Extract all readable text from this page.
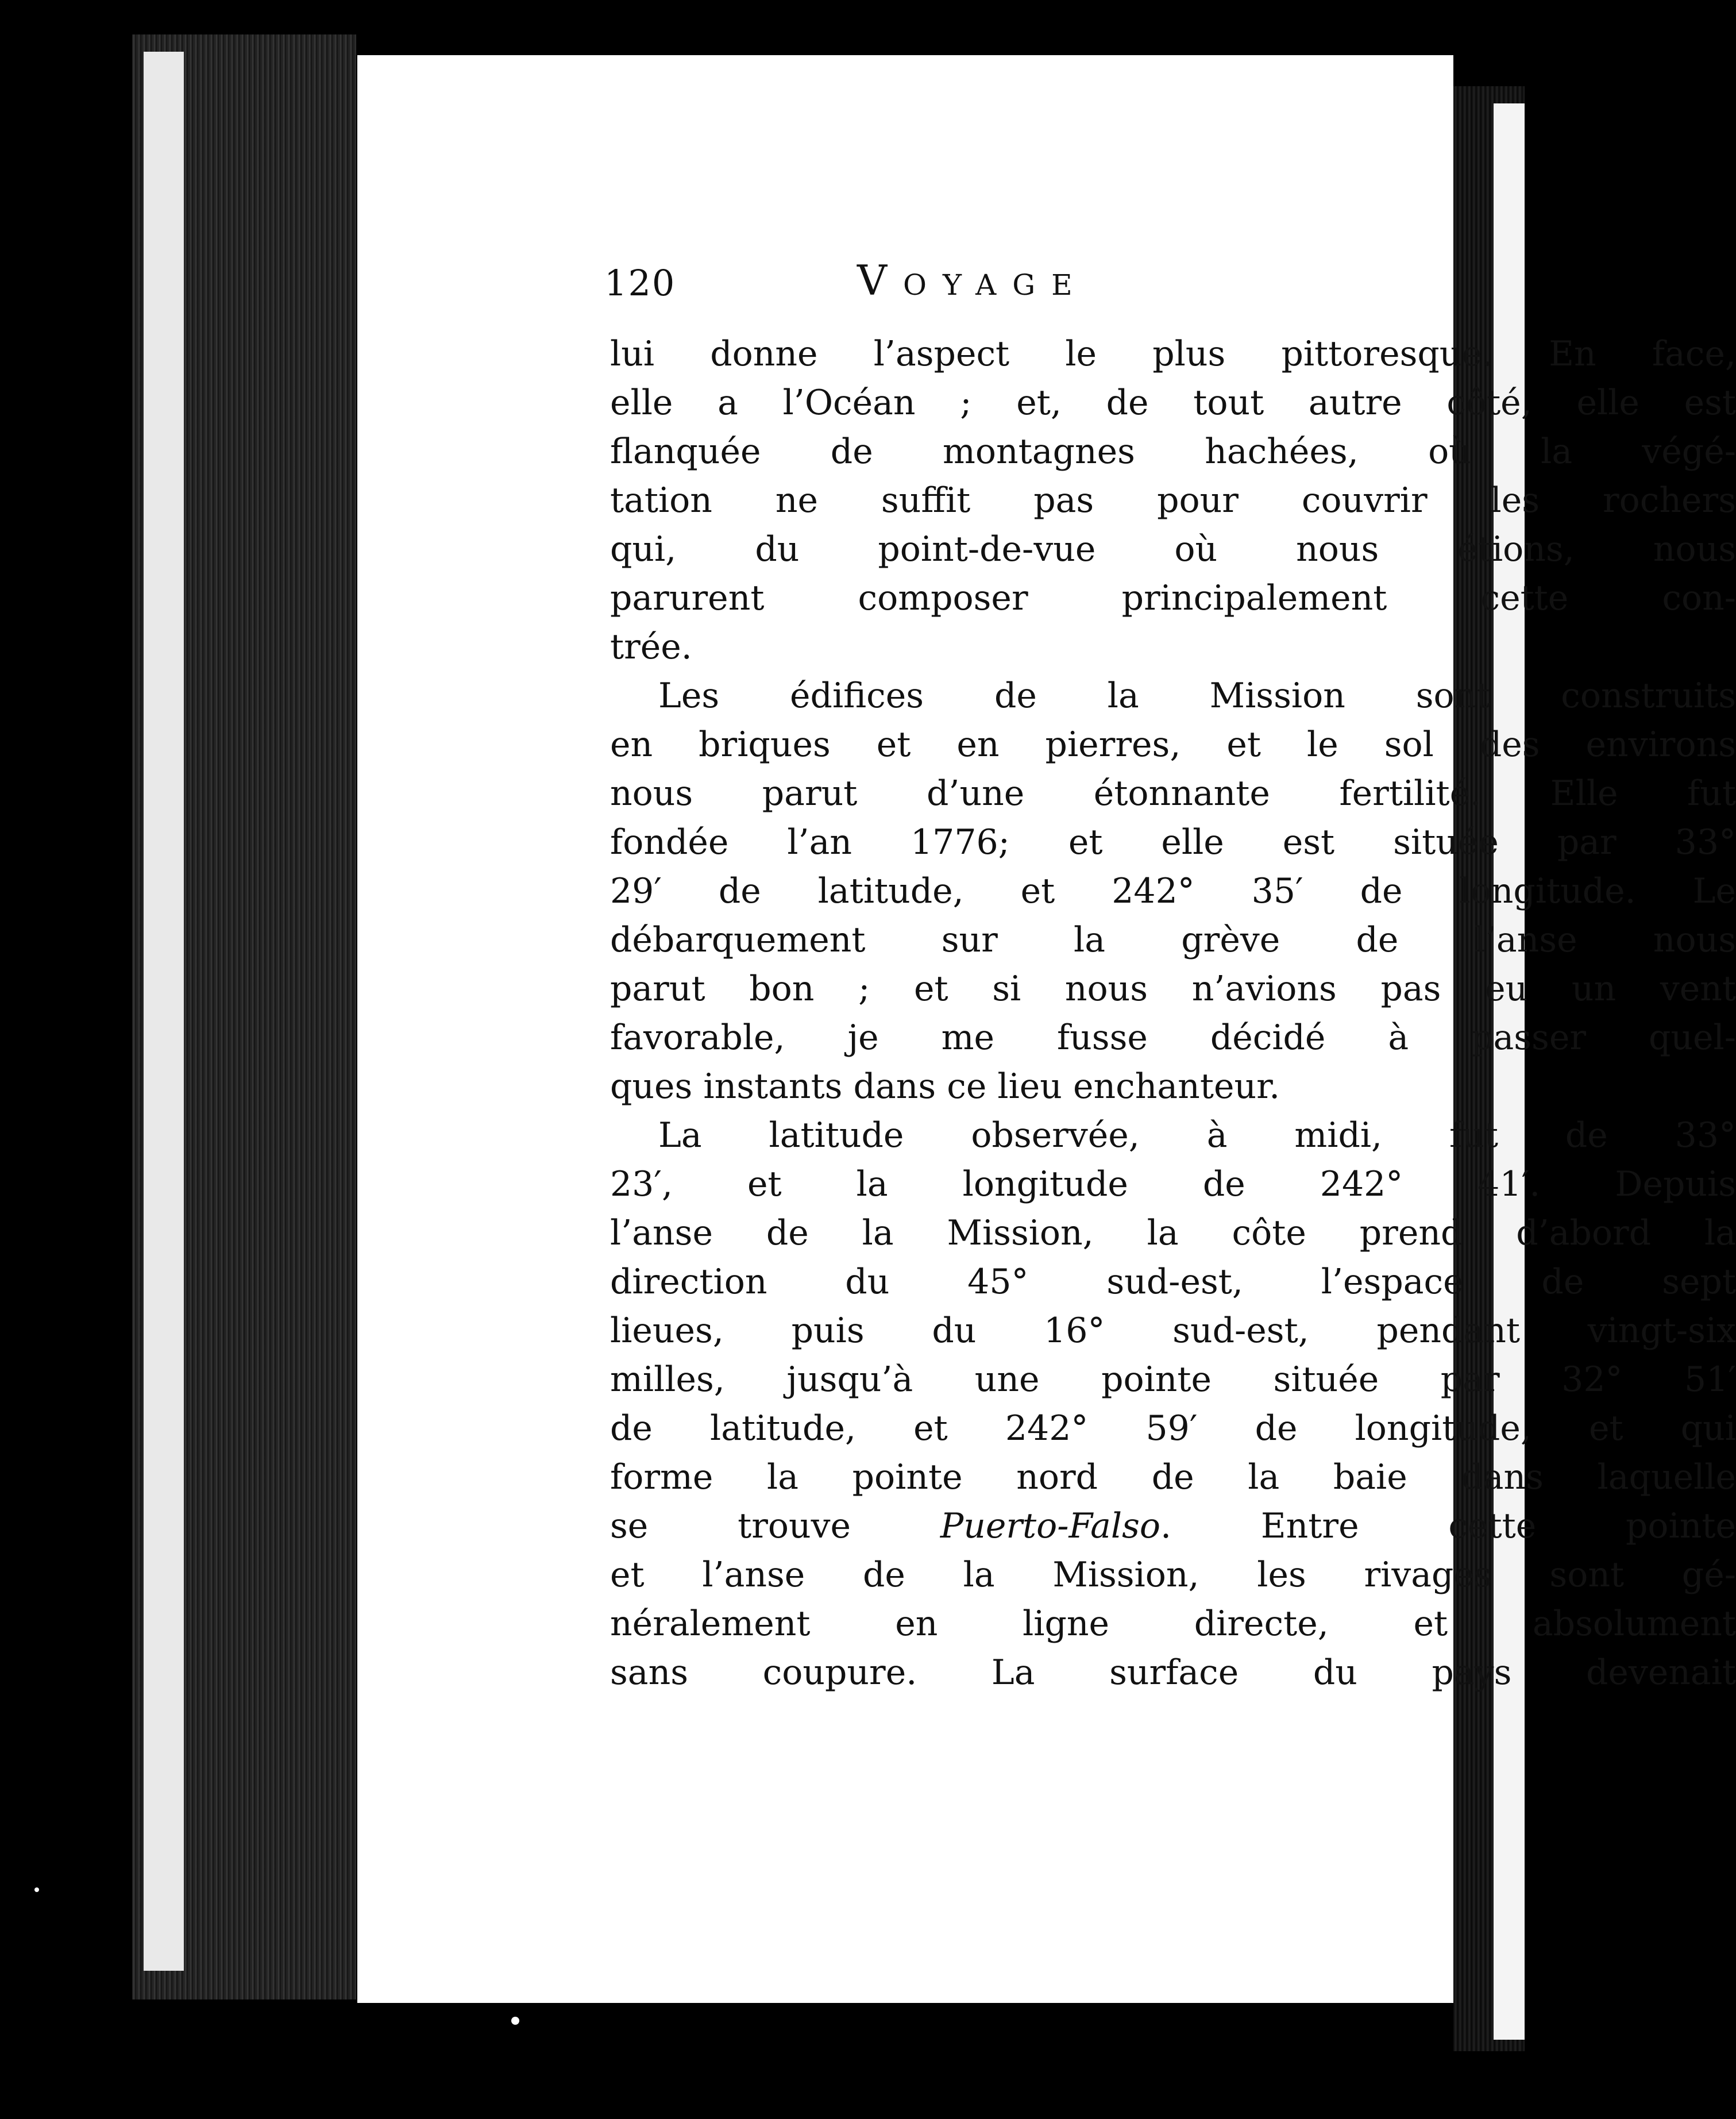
120	Voyage
lui donne l’aspect le plus pittoresque. En face,
elle a l’Océan ; et, de tout autre côté, elle est
flanquée de montagnes hachées, où la végé-
tation ne suffit pas pour couvrir les rochers
qui, du point-de-vue où nous étions, nous
parurent composer principalement cette con-
trée.
Les édifices de la Mission sont construits
en briques et en pierres, et le sol des environs
nous parut d’une étonnante fertilité. Elle fut
fondée l’an 1776; et elle est située par 33°
29′ de latitude, et 242° 35′ de longitude. Le
débarquement sur la grève de l’anse nous
parut bon ; et si nous n’avions pas eu un vent
favorable, je me fusse décidé à passer quel-
ques instants dans ce lieu enchanteur.
La latitude observée, à midi, fut de 33°
23′, et la longitude de 242° 41′. Depuis
l’anse de la Mission, la côte prend d’abord la
direction du 45° sud-est, l’espace de sept
lieues, puis du 16° sud-est, pendant vingt-six
milles, jusqu’à une pointe située par 32° 51′
de latitude, et 242° 59′ de longitude, et qui
forme la pointe nord de la baie dans laquelle
se trouve Puerto-Falso. Entre cette pointe
et l’anse de la Mission, les rivages sont gé-
néralement en ligne directe, et absolument
sans coupure. La surface du pays devenait
